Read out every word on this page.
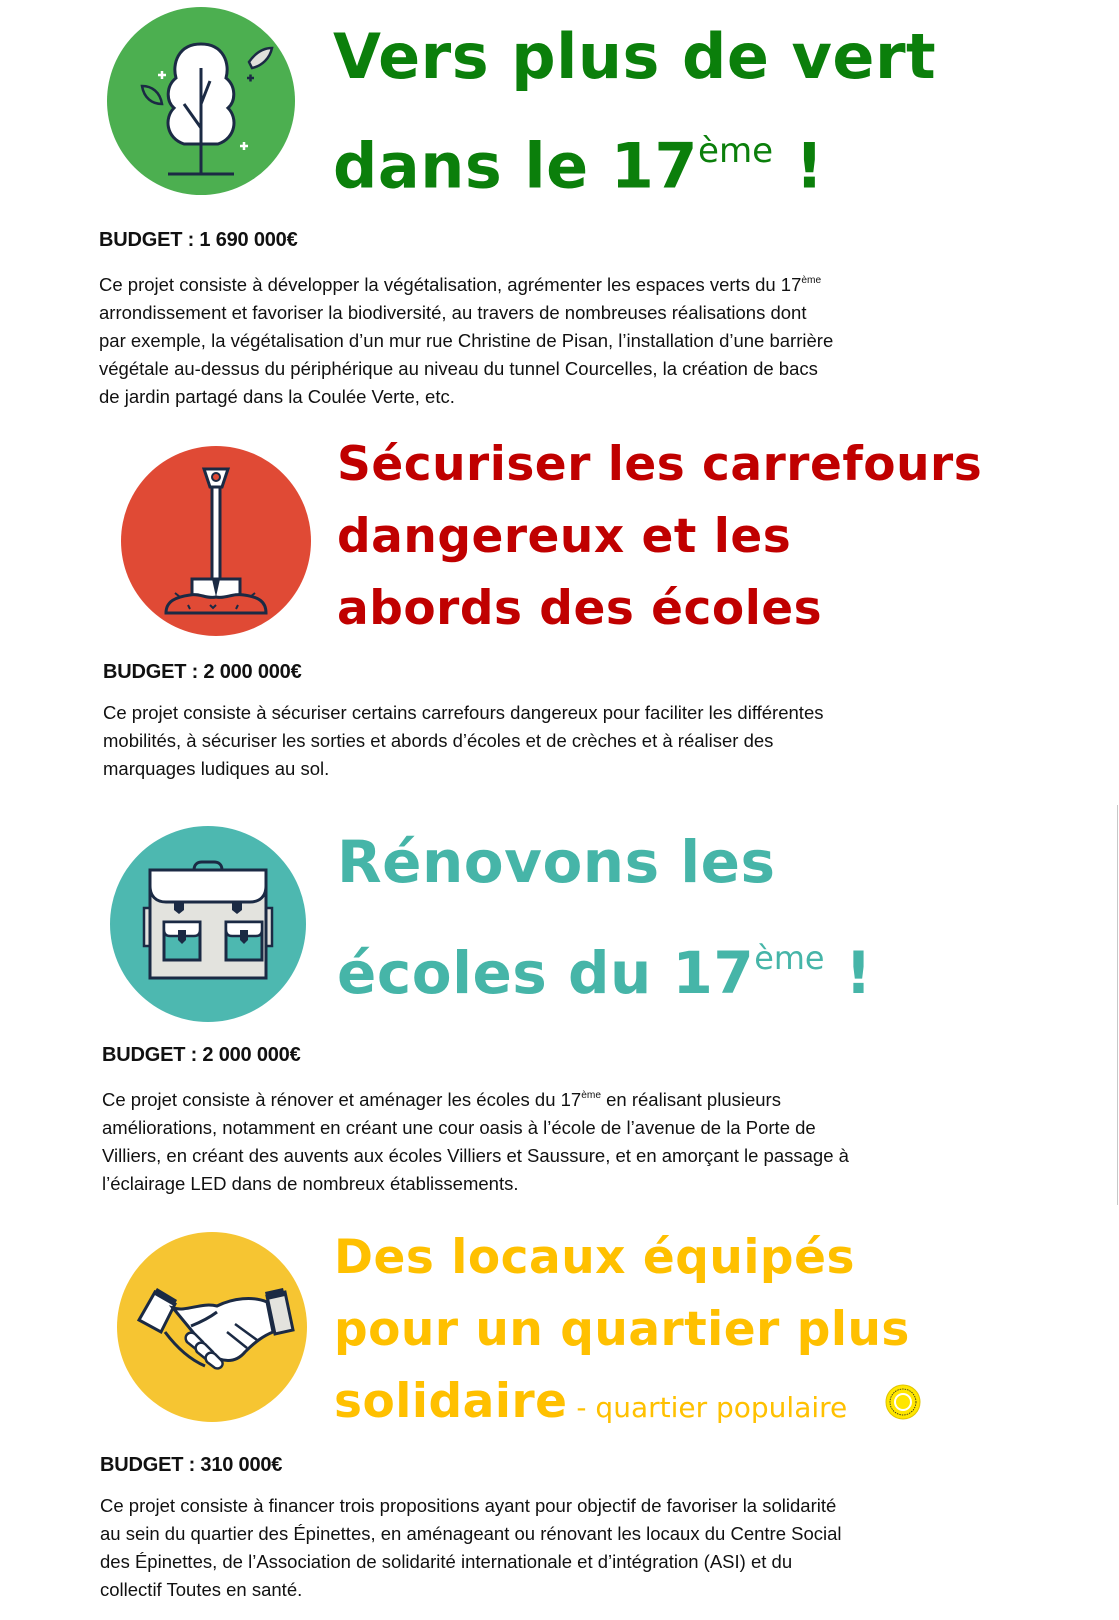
Vers plus de vert
dans le 17ème !
BUDGET : 1 690 000€
Ce projet consiste à développer la végétalisation, agrémenter les espaces verts du 17ème
arrondissement et favoriser la biodiversité, au travers de nombreuses réalisations dont
par exemple, la végétalisation d’un mur rue Christine de Pisan, l’installation d’une barrière
végétale au-dessus du périphérique au niveau du tunnel Courcelles, la création de bacs
de jardin partagé dans la Coulée Verte, etc.
Sécuriser les carrefours
dangereux et les
abords des écoles
BUDGET : 2 000 000€
Ce projet consiste à sécuriser certains carrefours dangereux pour faciliter les différentes
mobilités, à sécuriser les sorties et abords d’écoles et de crèches et à réaliser des
marquages ludiques au sol.
Rénovons les
écoles du 17ème !
BUDGET : 2 000 000€
Ce projet consiste à rénover et aménager les écoles du 17ème en réalisant plusieurs
améliorations, notamment en créant une cour oasis à l’école de l’avenue de la Porte de
Villiers, en créant des auvents aux écoles Villiers et Saussure, et en amorçant le passage à
l’éclairage LED dans de nombreux établissements.
Des locaux équipés
pour un quartier plus
solidaire - quartier populaire
BUDGET : 310 000€
Ce projet consiste à financer trois propositions ayant pour objectif de favoriser la solidarité
au sein du quartier des Épinettes, en aménageant ou rénovant les locaux du Centre Social
des Épinettes, de l’Association de solidarité internationale et d’intégration (ASI) et du
collectif Toutes en santé.
